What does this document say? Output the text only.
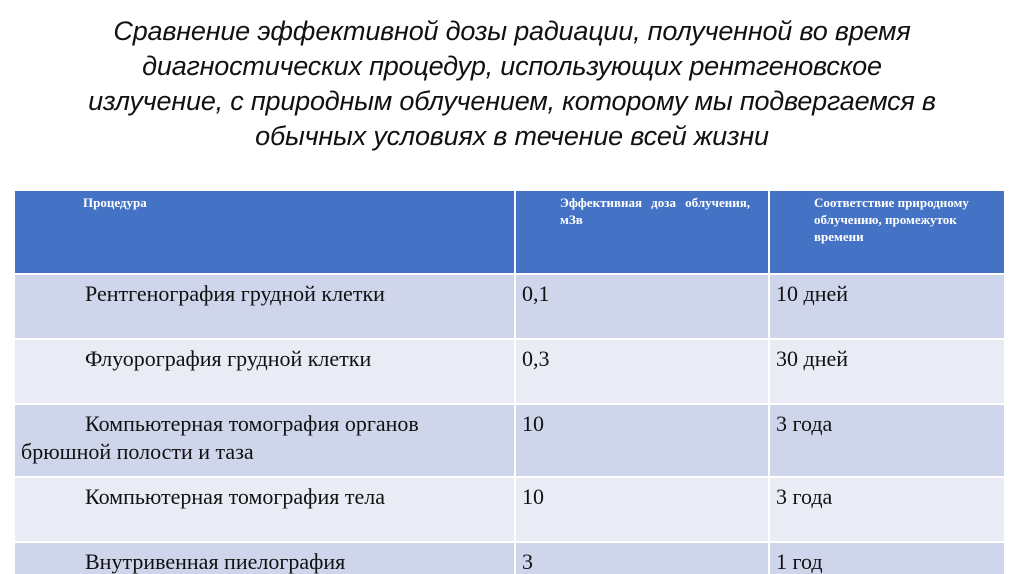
Сравнение эффективной дозы радиации, полученной во время
диагностических процедур, использующих рентгеновское
излучение, с природным облучением, которому мы подвергаемся в
обычных условиях в течение всей жизни
Процедура	Эффективная доза облучения, мЗв	Соответствие природному облучению, промежуток времени
Рентгенография грудной клетки	0,1	10 дней
Флуорография грудной клетки	0,3	30 дней
Компьютерная томография органов брюшной полости и таза	10	3 года
Компьютерная томография тела	10	3 года
Внутривенная пиелография	3	1 год
